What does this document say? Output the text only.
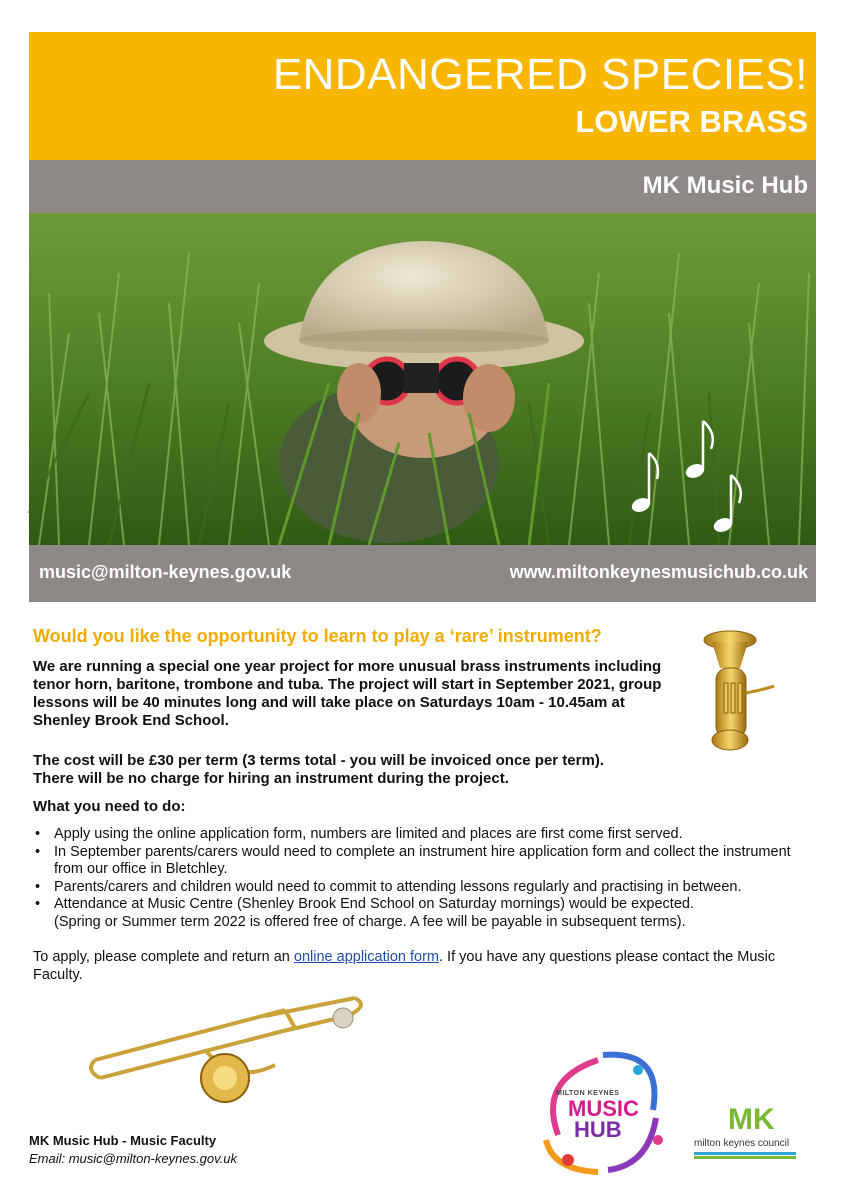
ENDANGERED SPECIES!
LOWER BRASS
MK Music Hub
music@milton-keynes.gov.uk	www.miltonkeynesmusichub.co.uk
Would you like the opportunity to learn to play a ‘rare’ instrument?
We are running a special one year project for more unusual brass instruments including tenor horn, baritone, trombone and tuba. The project will start in September 2021, group lessons will be 40 minutes long and will take place on Saturdays 10am - 10.45am at Shenley Brook End School.
The cost will be £30 per term (3 terms total - you will be invoiced once per term).
There will be no charge for hiring an instrument during the project.
What you need to do:
• Apply using the online application form, numbers are limited and places are first come first served.
• In September parents/carers would need to complete an instrument hire application form and collect the instrument from our office in Bletchley.
• Parents/carers and children would need to commit to attending lessons regularly and practising in between.
• Attendance at Music Centre (Shenley Brook End School on Saturday mornings) would be expected.
(Spring or Summer term 2022 is offered free of charge. A fee will be payable in subsequent terms).
To apply, please complete and return an online application form. If you have any questions please contact the Music Faculty.
MK Music Hub - Music Faculty
Email: music@milton-keynes.gov.uk
MILTON KEYNES
MUSIC
HUB	MK
milton keynes council
